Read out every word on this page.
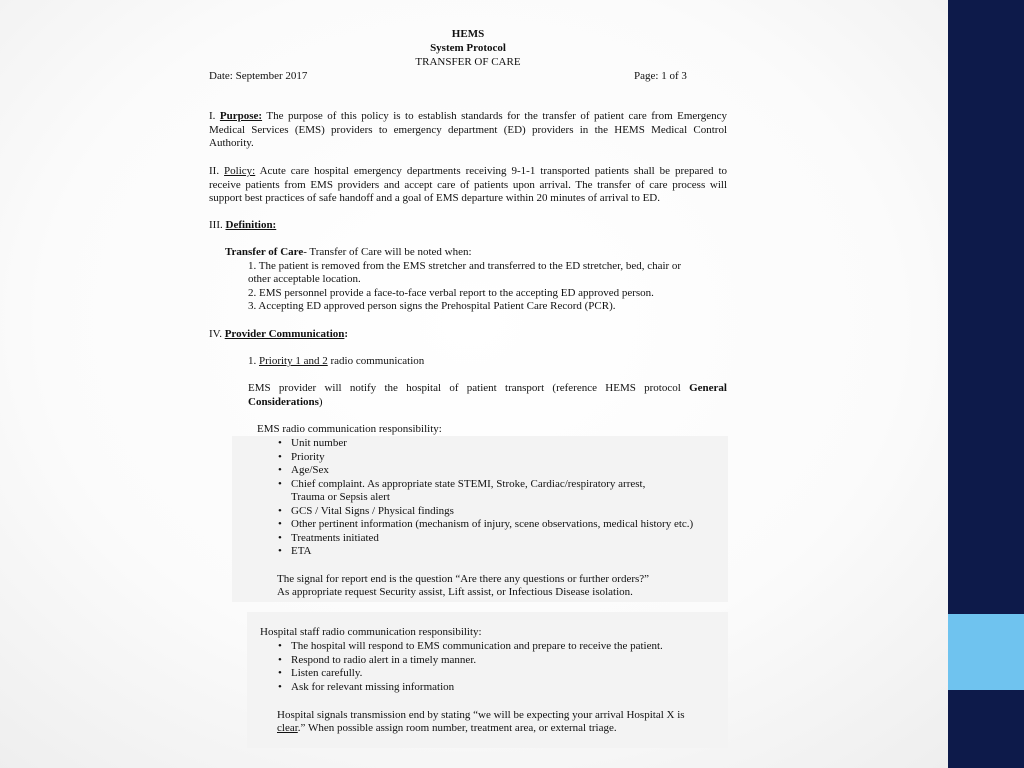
HEMS
System Protocol
TRANSFER OF CARE
Date: September 2017	Page: 1 of 3
I. Purpose: The purpose of this policy is to establish standards for the transfer of patient care from Emergency Medical Services (EMS) providers to emergency department (ED) providers in the HEMS Medical Control Authority.
II. Policy: Acute care hospital emergency departments receiving 9-1-1 transported patients shall be prepared to receive patients from EMS providers and accept care of patients upon arrival. The transfer of care process will support best practices of safe handoff and a goal of EMS departure within 20 minutes of arrival to ED.
III. Definition:
Transfer of Care- Transfer of Care will be noted when:
1. The patient is removed from the EMS stretcher and transferred to the ED stretcher, bed, chair or
other acceptable location.
2. EMS personnel provide a face-to-face verbal report to the accepting ED approved person.
3. Accepting ED approved person signs the Prehospital Patient Care Record (PCR).
IV. Provider Communication:
1. Priority 1 and 2 radio communication
EMS provider will notify the hospital of patient transport (reference HEMS protocol General Considerations)
EMS radio communication responsibility:
• Unit number
• Priority
• Age/Sex
• Chief complaint. As appropriate state STEMI, Stroke, Cardiac/respiratory arrest,
Trauma or Sepsis alert
• GCS / Vital Signs / Physical findings
• Other pertinent information (mechanism of injury, scene observations, medical history etc.)
• Treatments initiated
• ETA
The signal for report end is the question “Are there any questions or further orders?”
As appropriate request Security assist, Lift assist, or Infectious Disease isolation.
Hospital staff radio communication responsibility:
• The hospital will respond to EMS communication and prepare to receive the patient.
• Respond to radio alert in a timely manner.
• Listen carefully.
• Ask for relevant missing information
Hospital signals transmission end by stating “we will be expecting your arrival Hospital X is
clear.” When possible assign room number, treatment area, or external triage.
